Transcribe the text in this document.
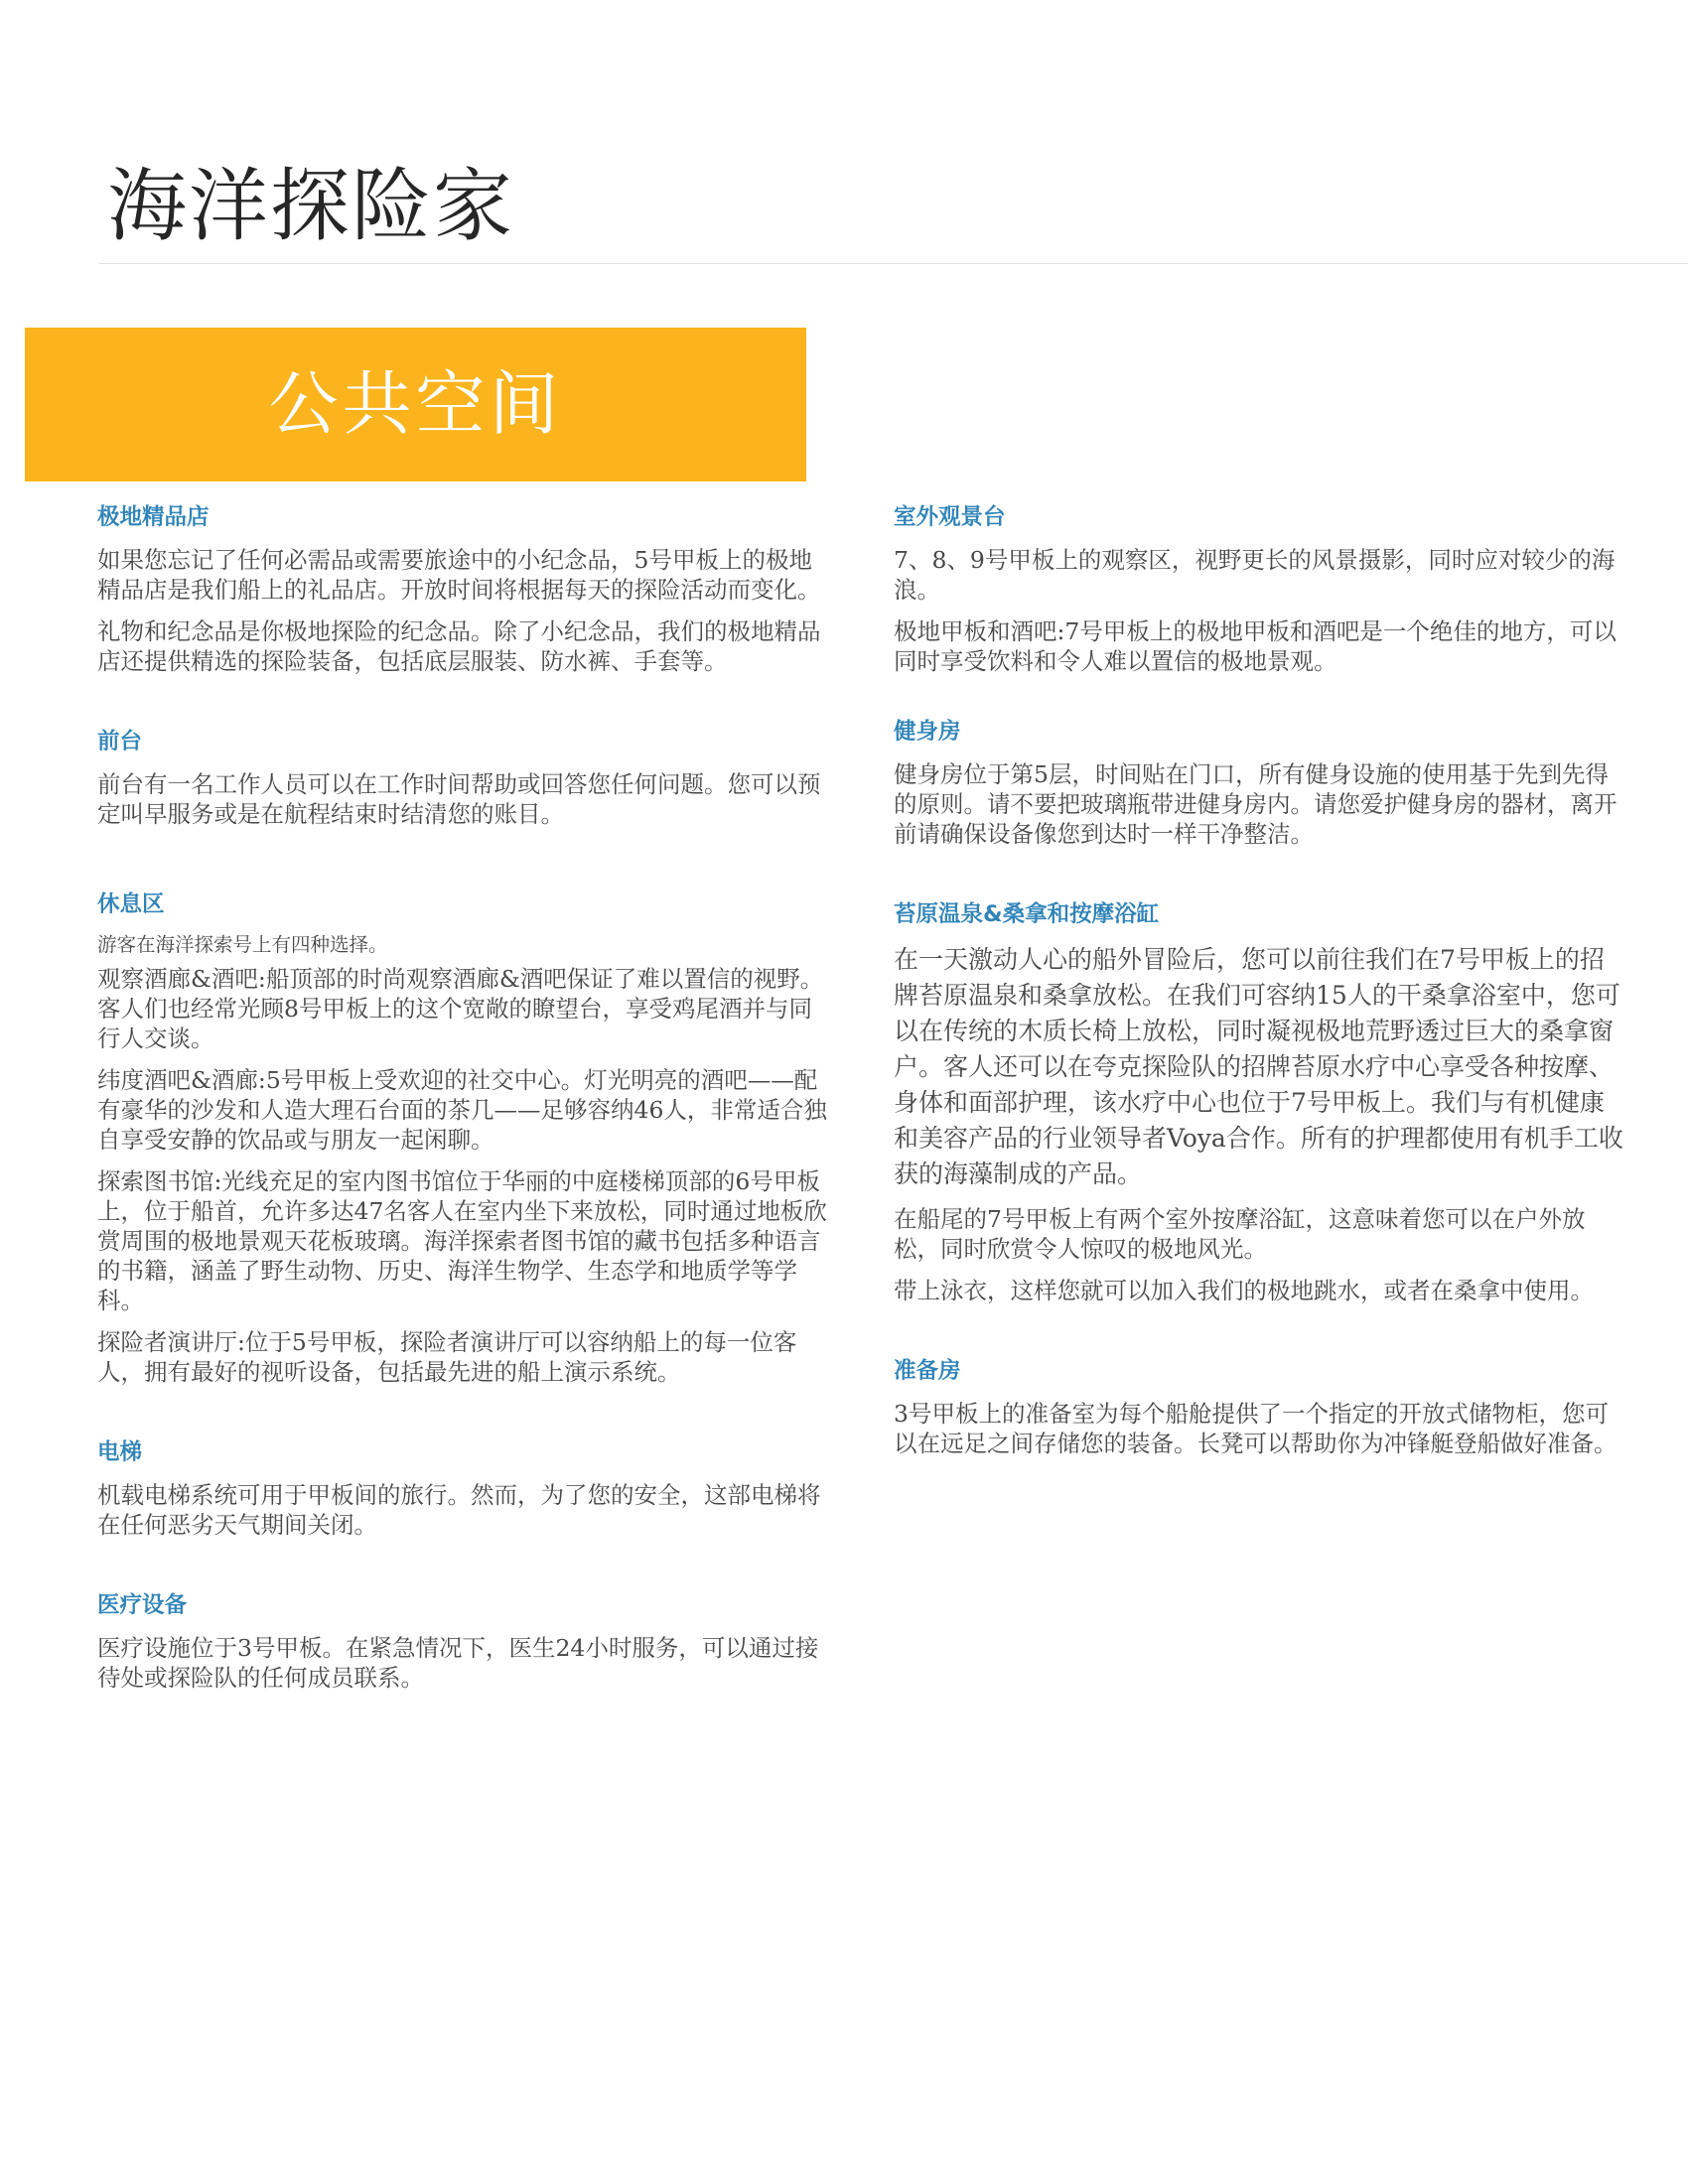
海洋探险家
公共空间
极地精品店

如果您忘记了任何必需品或需要旅途中的小纪念品，5号甲板上的极地精品店是我们船上的礼品店。开放时间将根据每天的探险活动而变化。

礼物和纪念品是你极地探险的纪念品。除了小纪念品，我们的极地精品店还提供精选的探险装备，包括底层服装、防水裤、手套等。

前台

前台有一名工作人员可以在工作时间帮助或回答您任何问题。您可以预定叫早服务或是在航程结束时结清您的账目。

休息区

游客在海洋探索号上有四种选择。

观察酒廊&酒吧:船顶部的时尚观察酒廊&酒吧保证了难以置信的视野。客人们也经常光顾8号甲板上的这个宽敞的瞭望台，享受鸡尾酒并与同行人交谈。

纬度酒吧&酒廊:5号甲板上受欢迎的社交中心。灯光明亮的酒吧——配有豪华的沙发和人造大理石台面的茶几——足够容纳46人，非常适合独自享受安静的饮品或与朋友一起闲聊。

探索图书馆:光线充足的室内图书馆位于华丽的中庭楼梯顶部的6号甲板上，位于船首，允许多达47名客人在室内坐下来放松，同时通过地板欣赏周围的极地景观天花板玻璃。海洋探索者图书馆的藏书包括多种语言的书籍，涵盖了野生动物、历史、海洋生物学、生态学和地质学等学科。

探险者演讲厅:位于5号甲板，探险者演讲厅可以容纳船上的每一位客人，拥有最好的视听设备，包括最先进的船上演示系统。

电梯

机载电梯系统可用于甲板间的旅行。然而，为了您的安全，这部电梯将在任何恶劣天气期间关闭。

医疗设备

医疗设施位于3号甲板。在紧急情况下，医生24小时服务，可以通过接待处或探险队的任何成员联系。

室外观景台

7、8、9号甲板上的观察区，视野更长的风景摄影，同时应对较少的海浪。

极地甲板和酒吧:7号甲板上的极地甲板和酒吧是一个绝佳的地方，可以同时享受饮料和令人难以置信的极地景观。

健身房

健身房位于第5层，时间贴在门口，所有健身设施的使用基于先到先得的原则。请不要把玻璃瓶带进健身房内。请您爱护健身房的器材，离开前请确保设备像您到达时一样干净整洁。

苔原温泉&桑拿和按摩浴缸

在一天激动人心的船外冒险后，您可以前往我们在7号甲板上的招牌苔原温泉和桑拿放松。在我们可容纳15人的干桑拿浴室中，您可以在传统的木质长椅上放松，同时凝视极地荒野透过巨大的桑拿窗户。客人还可以在夸克探险队的招牌苔原水疗中心享受各种按摩、身体和面部护理，该水疗中心也位于7号甲板上。我们与有机健康和美容产品的行业领导者Voya合作。所有的护理都使用有机手工收获的海藻制成的产品。

在船尾的7号甲板上有两个室外按摩浴缸，这意味着您可以在户外放松，同时欣赏令人惊叹的极地风光。

带上泳衣，这样您就可以加入我们的极地跳水，或者在桑拿中使用。

准备房

3号甲板上的准备室为每个船舱提供了一个指定的开放式储物柜，您可以在远足之间存储您的装备。长凳可以帮助你为冲锋艇登船做好准备。
